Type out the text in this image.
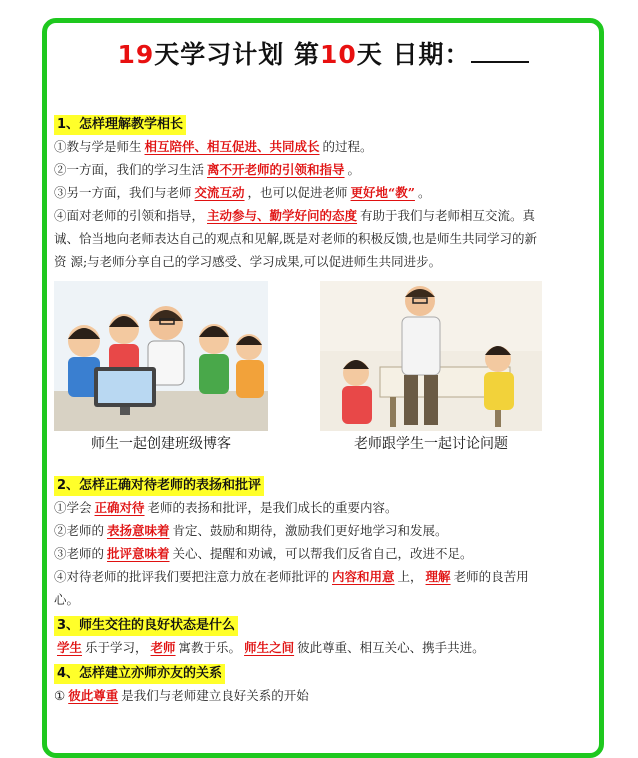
19天学习计划 第10天 日期：
1、怎样理解教学相长
①教与学是师生 相互陪伴、相互促进、共同成长 的过程。
②一方面，我们的学习生活 离不开老师的引领和指导 。
③另一方面，我们与老师 交流互动 ，也可以促进老师 更好地“教” 。
④面对老师的引领和指导， 主动参与、勤学好问的态度 有助于我们与老师相互交流。真 诚、恰当地向老师表达自己的观点和见解,既是对老师的积极反馈,也是师生共同学习的新资 源;与老师分享自己的学习感受、学习成果,可以促进师生共同进步。
师生一起创建班级博客	老师跟学生一起讨论问题
2、怎样正确对待老师的表扬和批评
①学会 正确对待 老师的表扬和批评，是我们成长的重要内容。
②老师的 表扬意味着 肯定、鼓励和期待，激励我们更好地学习和发展。
③老师的 批评意味着 关心、提醒和劝诫，可以帮我们反省自己，改进不足。
④对待老师的批评我们要把注意力放在老师批评的 内容和用意 上， 理解 老师的良苦用心。
3、师生交往的良好状态是什么
学生 乐于学习， 老师 寓教于乐。 师生之间 彼此尊重、相互关心、携手共进。
4、怎样建立亦师亦友的关系
① 彼此尊重 是我们与老师建立良好关系的开始
